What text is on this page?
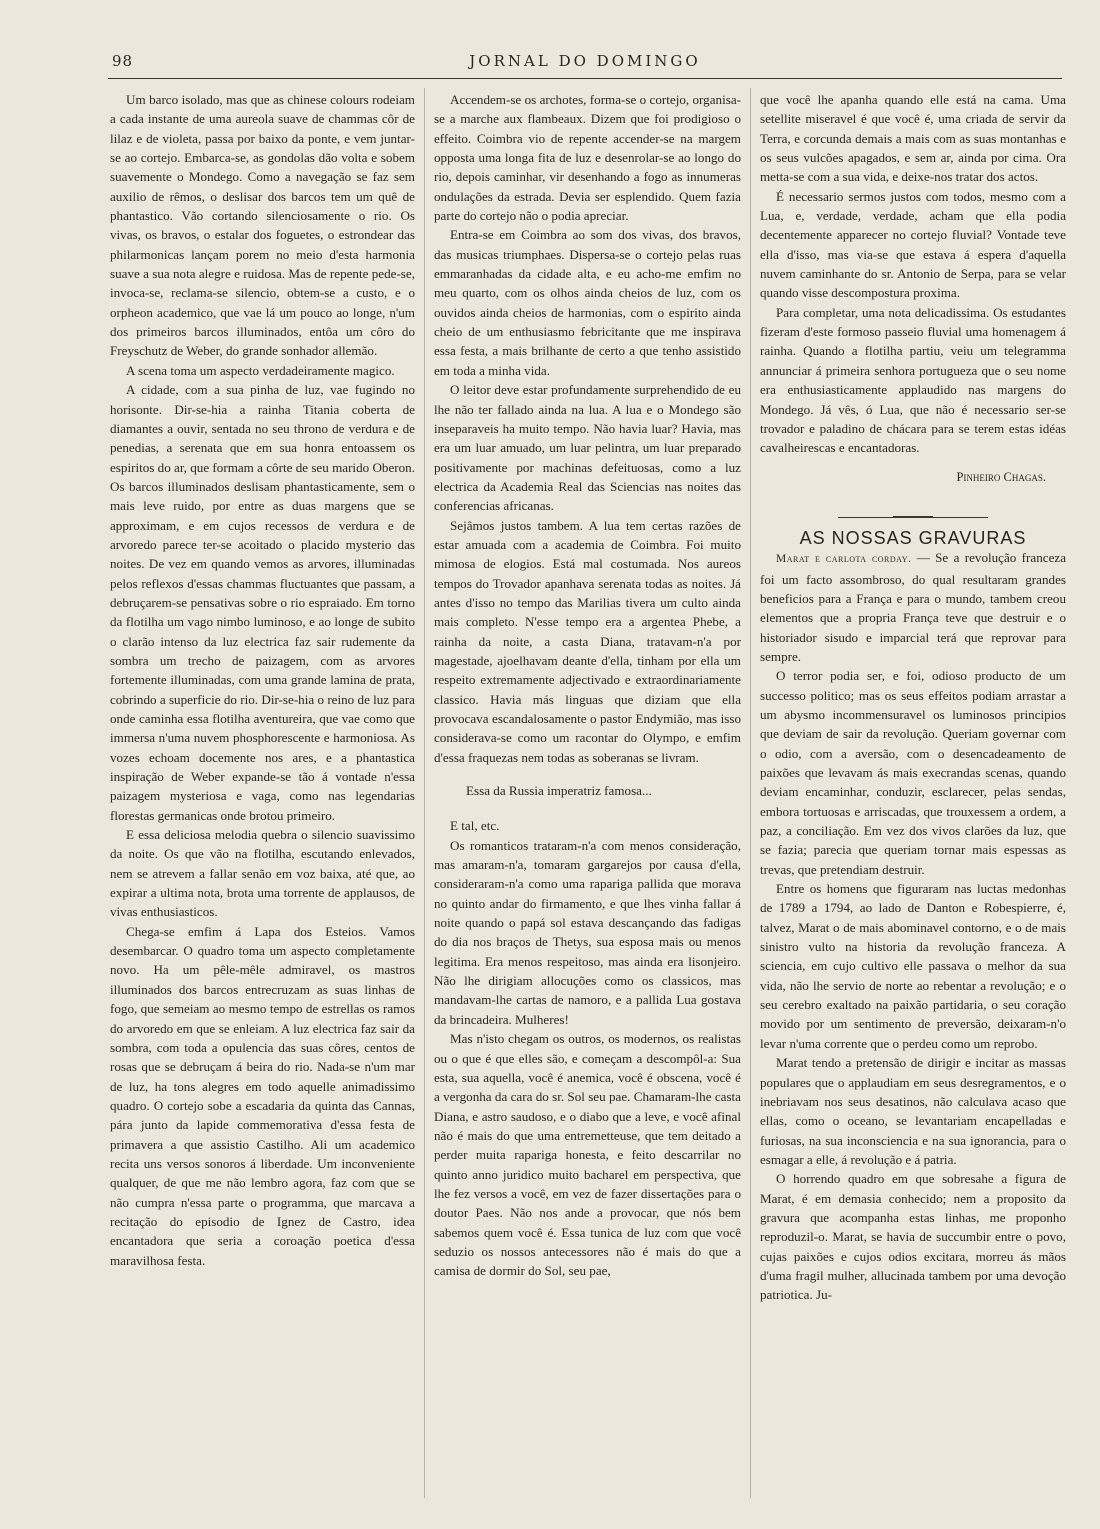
98	JORNAL DO DOMINGO

Um barco isolado, mas que as chinese colours rodeiam a cada instante de uma aureola suave de chammas côr de lilaz e de violeta, passa por baixo da ponte, e vem juntar-se ao cortejo. Embarca-se, as gondolas dão volta e sobem suavemente o Mondego. Como a navegação se faz sem auxilio de rêmos, o deslisar dos barcos tem um quê de phantastico. Vão cortando silenciosamente o rio. Os vivas, os bravos, o estalar dos foguetes, o estrondear das philarmonicas lançam porem no meio d'esta harmonia suave a sua nota alegre e ruidosa. Mas de repente pede-se, invoca-se, reclama-se silencio, obtem-se a custo, e o orpheon academico, que vae lá um pouco ao longe, n'um dos primeiros barcos illuminados, entôa um côro do Freyschutz de Weber, do grande sonhador allemão.

A scena toma um aspecto verdadeiramente magico.

A cidade, com a sua pinha de luz, vae fugindo no horisonte. Dir-se-hia a rainha Titania coberta de diamantes a ouvir, sentada no seu throno de verdura e de penedias, a serenata que em sua honra entoassem os espiritos do ar, que formam a côrte de seu marido Oberon. Os barcos illuminados deslisam phantasticamente, sem o mais leve ruido, por entre as duas margens que se approximam, e em cujos recessos de verdura e de arvoredo parece ter-se acoitado o placido mysterio das noites. De vez em quando vemos as arvores, illuminadas pelos reflexos d'essas chammas fluctuantes que passam, a debruçarem-se pensativas sobre o rio espraiado. Em torno da flotilha um vago nimbo luminoso, e ao longe de subito o clarão intenso da luz electrica faz sair rudemente da sombra um trecho de paizagem, com as arvores fortemente illuminadas, com uma grande lamina de prata, cobrindo a superficie do rio. Dir-se-hia o reino de luz para onde caminha essa flotilha aventureira, que vae como que immersa n'uma nuvem phosphorescente e harmoniosa. As vozes echoam docemente nos ares, e a phantastica inspiração de Weber expande-se tão á vontade n'essa paizagem mysteriosa e vaga, como nas legendarias florestas germanicas onde brotou primeiro.

E essa deliciosa melodia quebra o silencio suavissimo da noite. Os que vão na flotilha, escutando enlevados, nem se atrevem a fallar senão em voz baixa, até que, ao expirar a ultima nota, brota uma torrente de applausos, de vivas enthusiasticos.

Chega-se emfim á Lapa dos Esteios. Vamos desembarcar. O quadro toma um aspecto completamente novo. Ha um pêle-mêle admiravel, os mastros illuminados dos barcos entrecruzam as suas linhas de fogo, que semeiam ao mesmo tempo de estrellas os ramos do arvoredo em que se enleiam. A luz electrica faz sair da sombra, com toda a opulencia das suas côres, centos de rosas que se debruçam á beira do rio. Nada-se n'um mar de luz, ha tons alegres em todo aquelle animadissimo quadro. O cortejo sobe a escadaria da quinta das Cannas, pára junto da lapide commemorativa d'essa festa de primavera a que assistio Castilho. Ali um academico recita uns versos sonoros á liberdade. Um inconveniente qualquer, de que me não lembro agora, faz com que se não cumpra n'essa parte o programma, que marcava a recitação do episodio de Ignez de Castro, idea encantadora que seria a coroação poetica d'essa maravilhosa festa.

Accendem-se os archotes, forma-se o cortejo, organisa-se a marche aux flambeaux. Dizem que foi prodigioso o effeito. Coimbra vio de repente accender-se na margem opposta uma longa fita de luz e desenrolar-se ao longo do rio, depois caminhar, vir desenhando a fogo as innumeras ondulações da estrada. Devia ser esplendido. Quem fazia parte do cortejo não o podia apreciar.

Entra-se em Coimbra ao som dos vivas, dos bravos, das musicas triumphaes. Dispersa-se o cortejo pelas ruas emmaranhadas da cidade alta, e eu acho-me emfim no meu quarto, com os olhos ainda cheios de luz, com os ouvidos ainda cheios de harmonias, com o espirito ainda cheio de um enthusiasmo febricitante que me inspirava essa festa, a mais brilhante de certo a que tenho assistido em toda a minha vida.

O leitor deve estar profundamente surprehendido de eu lhe não ter fallado ainda na lua. A lua e o Mondego são inseparaveis ha muito tempo. Não havia luar? Havia, mas era um luar amuado, um luar pelintra, um luar preparado positivamente por machinas defeituosas, como a luz electrica da Academia Real das Sciencias nas noites das conferencias africanas.

Sejâmos justos tambem. A lua tem certas razões de estar amuada com a academia de Coimbra. Foi muito mimosa de elogios. Está mal costumada. Nos aureos tempos do Trovador apanhava serenata todas as noites. Já antes d'isso no tempo das Marilias tivera um culto ainda mais completo. N'esse tempo era a argentea Phebe, a rainha da noite, a casta Diana, tratavam-n'a por magestade, ajoelhavam deante d'ella, tinham por ella um respeito extremamente adjectivado e extraordinariamente classico. Havia más linguas que diziam que ella provocava escandalosamente o pastor Endymião, mas isso considerava-se como um racontar do Olympo, e emfim d'essa fraquezas nem todas as soberanas se livram.

Essa da Russia imperatriz famosa...

E tal, etc.

Os romanticos trataram-n'a com menos consideração, mas amaram-n'a, tomaram gargarejos por causa d'ella, consideraram-n'a como uma rapariga pallida que morava no quinto andar do firmamento, e que lhes vinha fallar á noite quando o papá sol estava descançando das fadigas do dia nos braços de Thetys, sua esposa mais ou menos legitima. Era menos respeitoso, mas ainda era lisonjeiro. Não lhe dirigiam allocuções como os classicos, mas mandavam-lhe cartas de namoro, e a pallida Lua gostava da brincadeira. Mulheres!

Mas n'isto chegam os outros, os modernos, os realistas ou o que é que elles são, e começam a descompôl-a: Sua esta, sua aquella, você é anemica, você é obscena, você é a vergonha da cara do sr. Sol seu pae. Chamaram-lhe casta Diana, e astro saudoso, e o diabo que a leve, e você afinal não é mais do que uma entremetteuse, que tem deitado a perder muita rapariga honesta, e feito descarrilar no quinto anno juridico muito bacharel em perspectiva, que lhe fez versos a você, em vez de fazer dissertações para o doutor Paes. Não nos ande a provocar, que nós bem sabemos quem você é. Essa tunica de luz com que você seduzio os nossos antecessores não é mais do que a camisa de dormir do Sol, seu pae,

que você lhe apanha quando elle está na cama. Uma setellite miseravel é que você é, uma criada de servir da Terra, e corcunda demais a mais com as suas montanhas e os seus vulcões apagados, e sem ar, ainda por cima. Ora metta-se com a sua vida, e deixe-nos tratar dos actos.

É necessario sermos justos com todos, mesmo com a Lua, e, verdade, verdade, acham que ella podia decentemente apparecer no cortejo fluvial? Vontade teve ella d'isso, mas via-se que estava á espera d'aquella nuvem caminhante do sr. Antonio de Serpa, para se velar quando visse descompostura proxima.

Para completar, uma nota delicadissima. Os estudantes fizeram d'este formoso passeio fluvial uma homenagem á rainha. Quando a flotilha partiu, veiu um telegramma annunciar á primeira senhora portugueza que o seu nome era enthusiasticamente applaudido nas margens do Mondego. Já vês, ó Lua, que não é necessario ser-se trovador e paladino de chácara para se terem estas idéas cavalheirescas e encantadoras.

Pinheiro Chagas.

AS NOSSAS GRAVURAS

Marat e carlota corday. — Se a revolução franceza foi um facto assombroso, do qual resultaram grandes beneficios para a França e para o mundo, tambem creou elementos que a propria França teve que destruir e o historiador sisudo e imparcial terá que reprovar para sempre.

O terror podia ser, e foi, odioso producto de um successo politico; mas os seus effeitos podiam arrastar a um abysmo incommensuravel os luminosos principios que deviam de sair da revolução. Queriam governar com o odio, com a aversão, com o desencadeamento de paixões que levavam ás mais execrandas scenas, quando deviam encaminhar, conduzir, esclarecer, pelas sendas, embora tortuosas e arriscadas, que trouxessem a ordem, a paz, a conciliação. Em vez dos vivos clarões da luz, que se fazia; parecia que queriam tornar mais espessas as trevas, que pretendiam destruir.

Entre os homens que figuraram nas luctas medonhas de 1789 a 1794, ao lado de Danton e Robespierre, é, talvez, Marat o de mais abominavel contorno, e o de mais sinistro vulto na historia da revolução franceza. A sciencia, em cujo cultivo elle passava o melhor da sua vida, não lhe servio de norte ao rebentar a revolução; e o seu cerebro exaltado na paixão partidaria, o seu coração movido por um sentimento de preversão, deixaram-n'o levar n'uma corrente que o perdeu como um reprobo.

Marat tendo a pretensão de dirigir e incitar as massas populares que o applaudiam em seus desregramentos, e o inebriavam nos seus desatinos, não calculava acaso que ellas, como o oceano, se levantariam encapelladas e furiosas, na sua inconsciencia e na sua ignorancia, para o esmagar a elle, á revolução e á patria.

O horrendo quadro em que sobresahe a figura de Marat, é em demasia conhecido; nem a proposito da gravura que acompanha estas linhas, me proponho reproduzil-o. Marat, se havia de succumbir entre o povo, cujas paixões e cujos odios excitara, morreu ás mãos d'uma fragil mulher, allucinada tambem por uma devoção patriotica. Ju-
